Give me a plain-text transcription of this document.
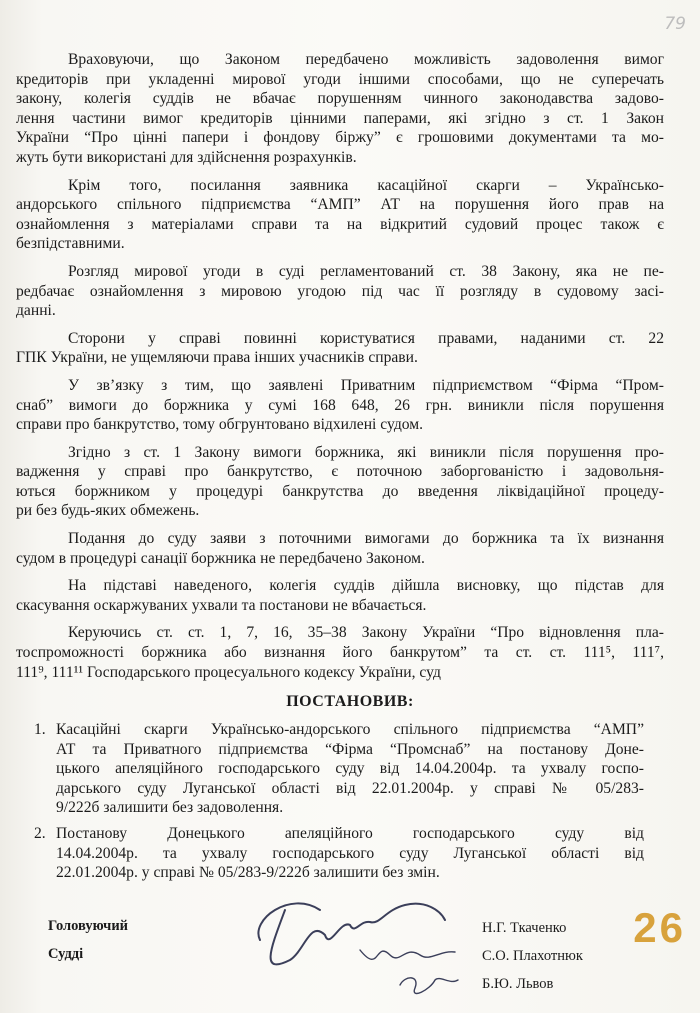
79

Враховуючи, що Законом передбачено можливість задоволення вимог
кредиторів при укладенні мирової угоди іншими способами, що не суперечать
закону, колегія суддів не вбачає порушенням чинного законодавства задово-
лення частини вимог кредиторів цінними паперами, які згідно з ст. 1 Закон
України “Про цінні папери і фондову біржу” є грошовими документами та мо-
жуть бути використані для здійснення розрахунків.

Крім того, посилання заявника касаційної скарги – Українсько-
андорського спільного підприємства “АМП” АТ на порушення його прав на
ознайомлення з матеріалами справи та на відкритий судовий процес також є
безпідставними.

Розгляд мирової угоди в суді регламентований ст. 38 Закону, яка не пе-
редбачає ознайомлення з мировою угодою під час її розгляду в судовому засі-
данні.

Сторони у справі повинні користуватися правами, наданими ст. 22
ГПК України, не ущемляючи права інших учасників справи.

У зв’язку з тим, що заявлені Приватним підприємством “Фірма “Пром-
снаб” вимоги до боржника у сумі 168 648, 26 грн. виникли після порушення
справи про банкрутство, тому обгрунтовано відхилені судом.

Згідно з ст. 1 Закону вимоги боржника, які виникли після порушення про-
вадження у справі про банкрутство, є поточною заборгованістю і задовольня-
ються боржником у процедурі банкрутства до введення ліквідаційної процеду-
ри без будь-яких обмежень.

Подання до суду заяви з поточними вимогами до боржника та їх визнання
судом в процедурі санації боржника не передбачено Законом.

На підставі наведеного, колегія суддів дійшла висновку, що підстав для
скасування оскаржуваних ухвали та постанови не вбачається.

Керуючись ст. ст. 1, 7, 16, 35–38 Закону України “Про відновлення пла-
тоспроможності боржника або визнання його банкрутом” та ст. ст. 111⁵, 111⁷,
111⁹, 111¹¹ Господарського процесуального кодексу України, суд

ПОСТАНОВИВ:
1. Касаційні скарги Українсько-андорського спільного підприємства “АМП”
АТ та Приватного підприємства “Фірма “Промснаб” на постанову Доне-
цького апеляційного господарського суду від 14.04.2004р. та ухвалу госпо-
дарського суду Луганської області від 22.01.2004р. у справі № 05/283-
9/222б залишити без задоволення.
2. Постанову Донецького апеляційного господарського суду від
14.04.2004р. та ухвалу господарського суду Луганської області від
22.01.2004р. у справі № 05/283-9/222б залишити без змін.
Головуючий
Судді
Н.Г. Ткаченко
С.О. Плахотнюк
Б.Ю. Львов
26
